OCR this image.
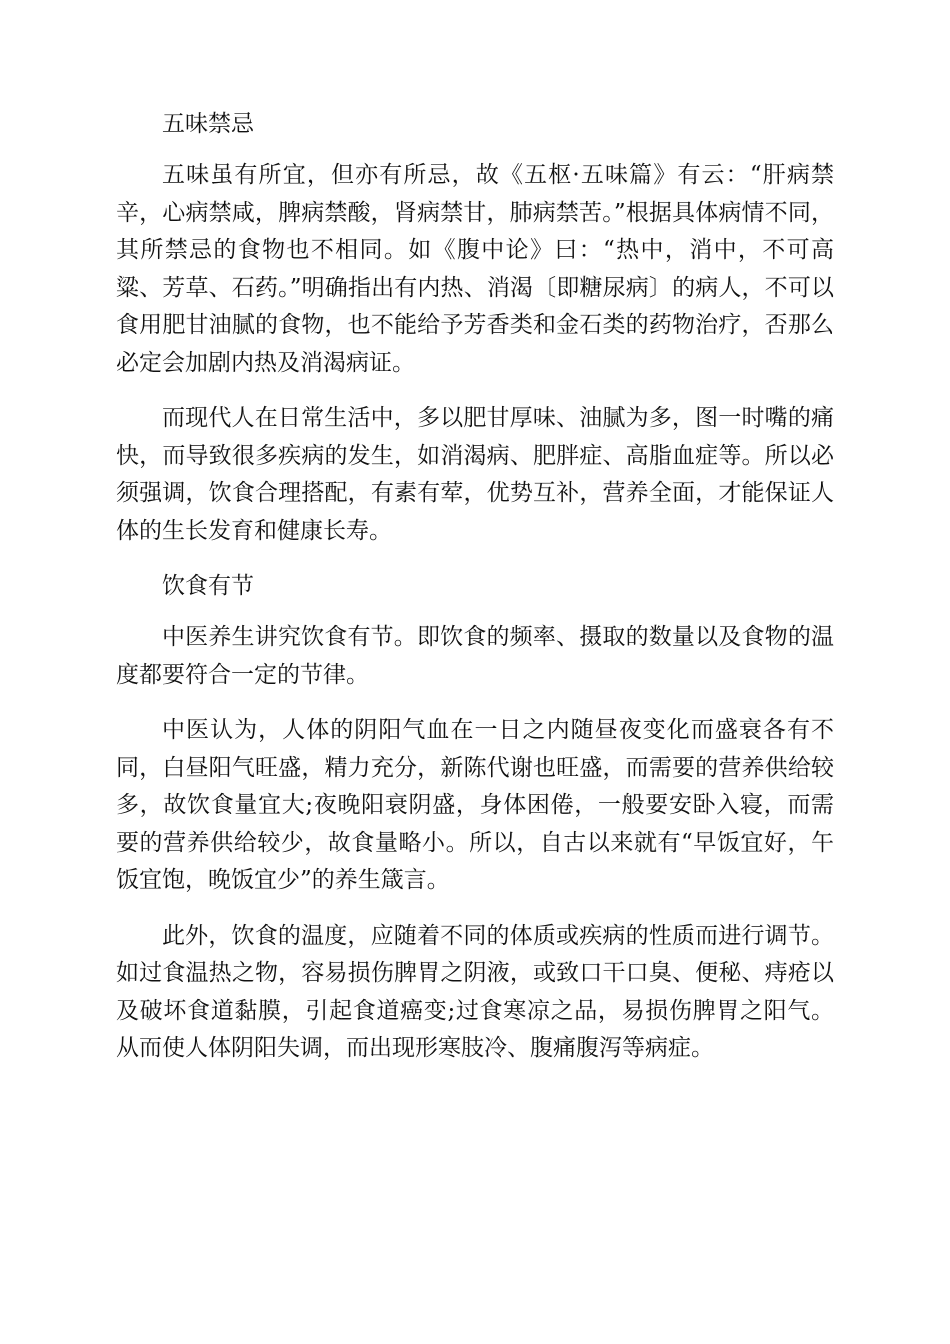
五味禁忌

五味虽有所宜，但亦有所忌，故《五枢·五味篇》有云：“肝病禁辛，心病禁咸，脾病禁酸，肾病禁甘，肺病禁苦。”根据具体病情不同，其所禁忌的食物也不相同。如《腹中论》曰：“热中，消中，不可高粱、芳草、石药。”明确指出有内热、消渴〔即糖尿病〕的病人，不可以食用肥甘油腻的食物，也不能给予芳香类和金石类的药物治疗，否那么必定会加剧内热及消渴病证。

而现代人在日常生活中，多以肥甘厚味、油腻为多，图一时嘴的痛快，而导致很多疾病的发生，如消渴病、肥胖症、高脂血症等。所以必须强调，饮食合理搭配，有素有荤，优势互补，营养全面，才能保证人体的生长发育和健康长寿。

饮食有节

中医养生讲究饮食有节。即饮食的频率、摄取的数量以及食物的温度都要符合一定的节律。

中医认为，人体的阴阳气血在一日之内随昼夜变化而盛衰各有不同，白昼阳气旺盛，精力充分，新陈代谢也旺盛，而需要的营养供给较多，故饮食量宜大;夜晚阳衰阴盛，身体困倦，一般要安卧入寝，而需要的营养供给较少，故食量略小。所以，自古以来就有“早饭宜好，午饭宜饱，晚饭宜少”的养生箴言。

此外，饮食的温度，应随着不同的体质或疾病的性质而进行调节。如过食温热之物，容易损伤脾胃之阴液，或致口干口臭、便秘、痔疮以及破坏食道黏膜，引起食道癌变;过食寒凉之品，易损伤脾胃之阳气。从而使人体阴阳失调，而出现形寒肢冷、腹痛腹泻等病症。
